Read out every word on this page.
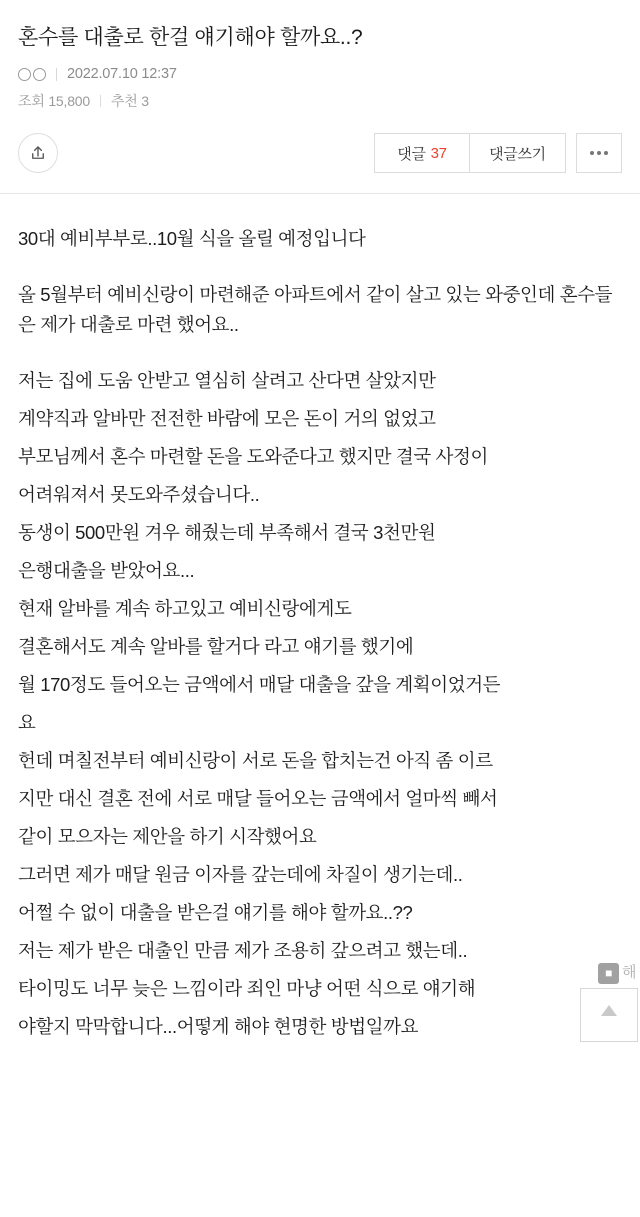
혼수를 대출로 한걸 얘기해야 할까요..?
2022.07.10 12:37
조회 15,800 추천 3
댓글 37	댓글쓰기

30대 예비부부로..10월 식을 올릴 예정입니다

올 5월부터 예비신랑이 마련해준 아파트에서 같이 살고 있는 와중인데 혼수들은 제가 대출로 마련 했어요..

저는 집에 도움 안받고 열심히 살려고 산다면 살았지만

계약직과 알바만 전전한 바람에 모은 돈이 거의 없었고

부모님께서 혼수 마련할 돈을 도와준다고 했지만 결국 사정이

어려워져서 못도와주셨습니다..

동생이 500만원 겨우 해줬는데 부족해서 결국 3천만원

은행대출을 받았어요...

현재 알바를 계속 하고있고 예비신랑에게도

결혼해서도 계속 알바를 할거다 라고 얘기를 했기에

월 170정도 들어오는 금액에서 매달 대출을 갚을 계획이었거든

요

헌데 며칠전부터 예비신랑이 서로 돈을 합치는건 아직 좀 이르

지만 대신 결혼 전에 서로 매달 들어오는 금액에서 얼마씩 빼서

같이 모으자는 제안을 하기 시작했어요

그러면 제가 매달 원금 이자를 갚는데에 차질이 생기는데..

어쩔 수 없이 대출을 받은걸 얘기를 해야 할까요..??

저는 제가 받은 대출인 만큼 제가 조용히 갚으려고 했는데..

타이밍도 너무 늦은 느낌이라 죄인 마냥 어떤 식으로 얘기해

야할지 막막합니다...어떻게 해야 현명한 방법일까요

■ 해
